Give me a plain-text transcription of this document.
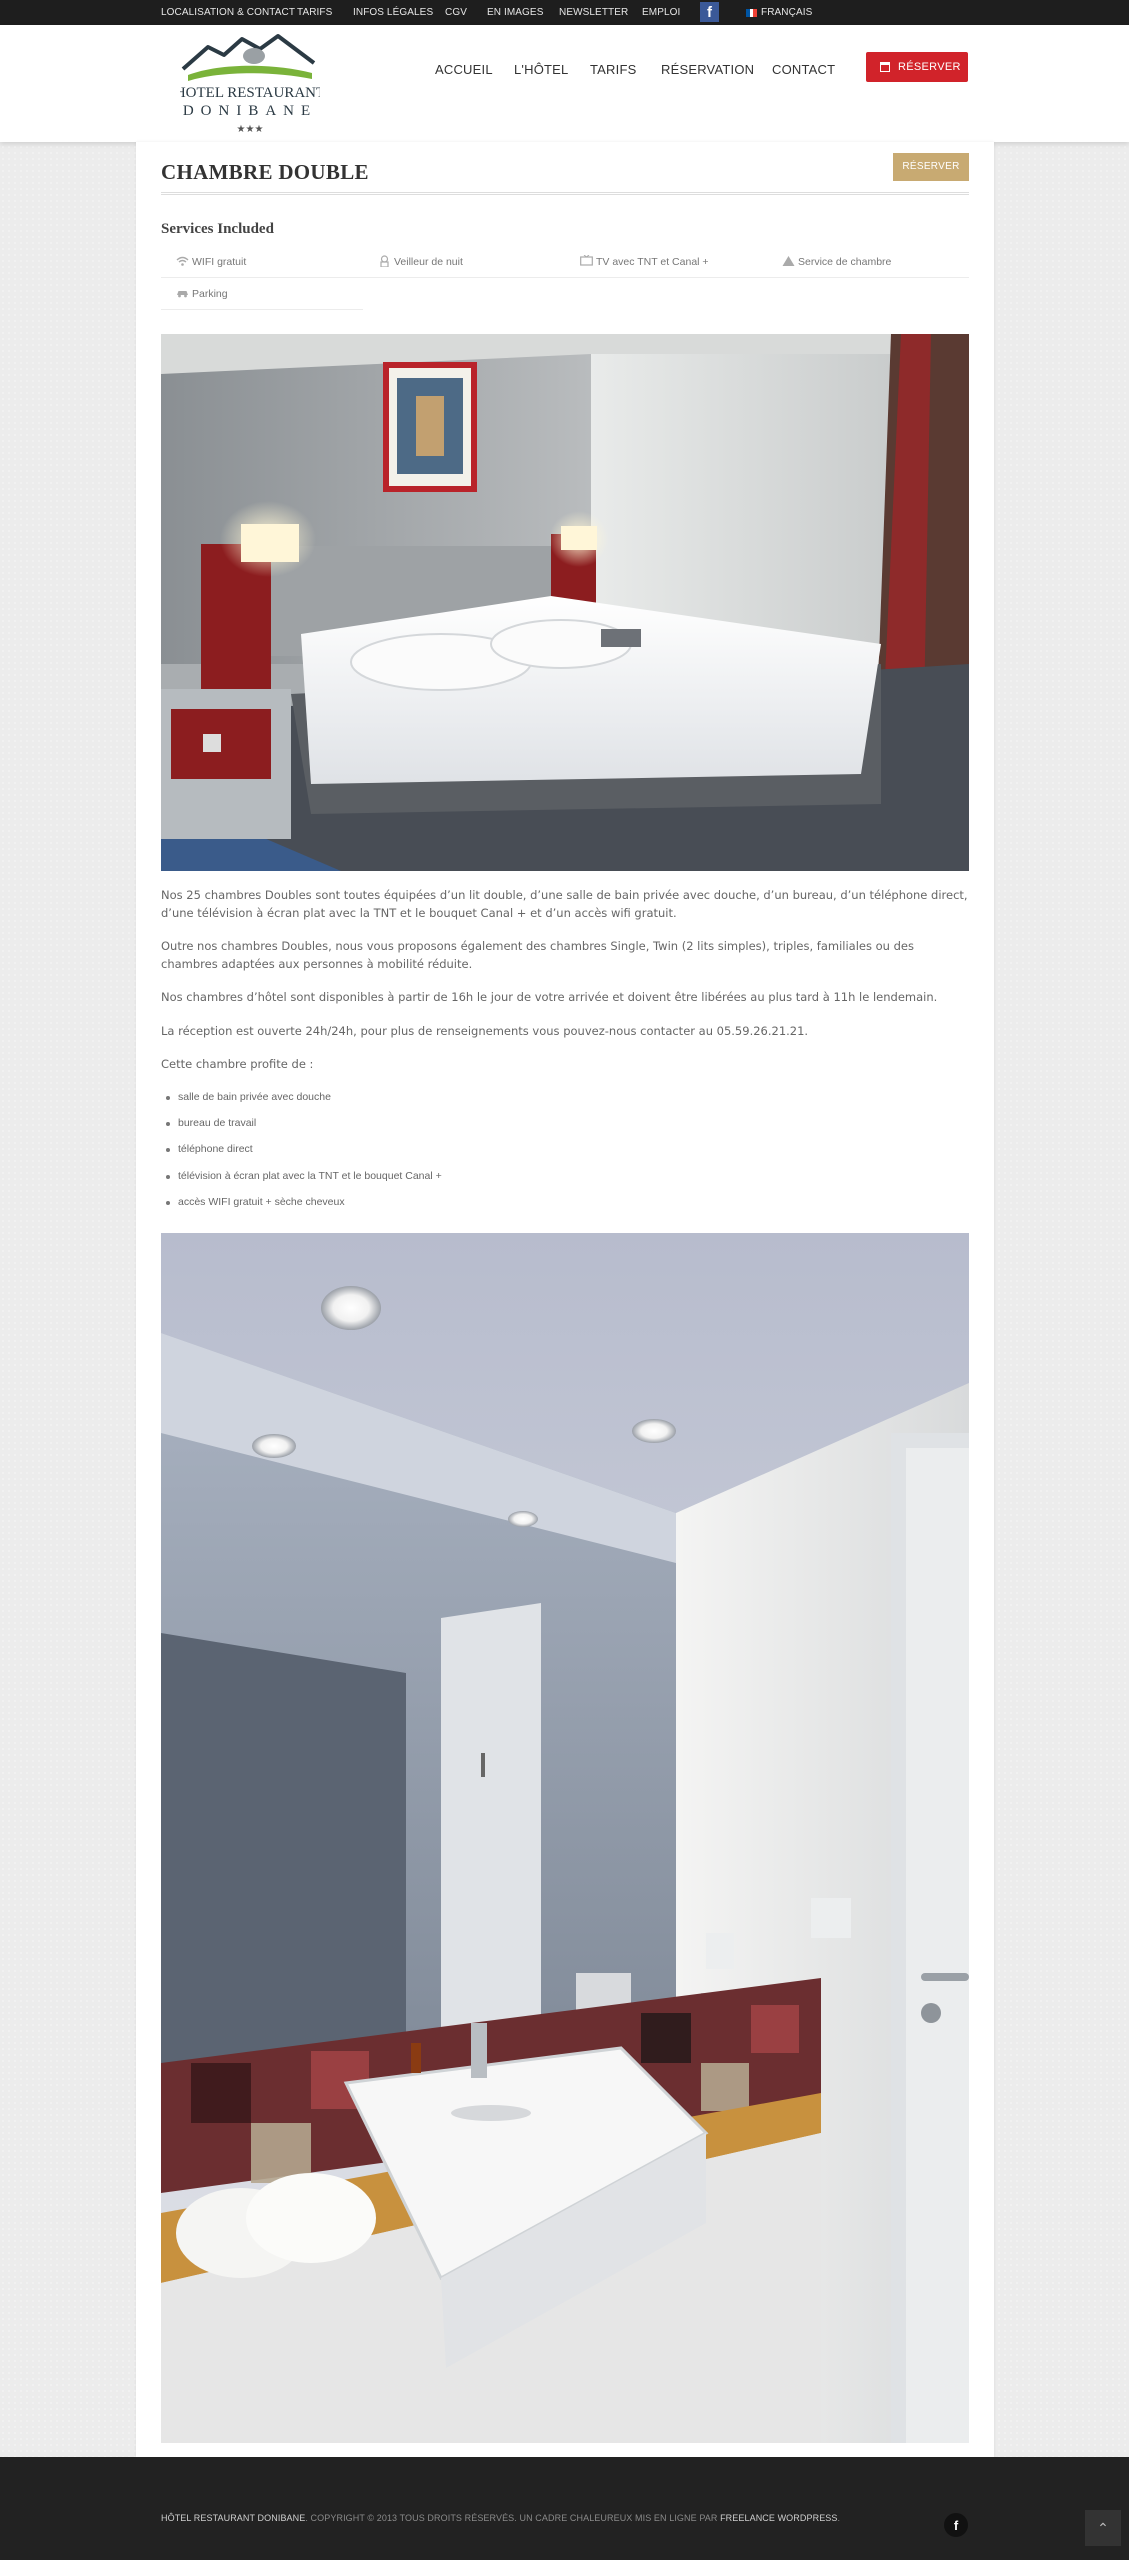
LOCALISATION & CONTACT TARIFS INFOS LÉGALES CGV EN IMAGES NEWSLETTER EMPLOI	f	FRANÇAIS
HOTEL RESTAURANT
DONIBANE
★★★
ACCUEIL L'HÔTEL TARIFS RÉSERVATION CONTACT	RÉSERVER
CHAMBRE DOUBLE	RÉSERVER
Services Included
WIFI gratuit	Veilleur de nuit	TV avec TNT et Canal +	Service de chambre
Parking

Nos 25 chambres Doubles sont toutes équipées d’un lit double, d’une salle de bain privée avec douche, d’un bureau, d’un téléphone direct, d’une télévision à écran plat avec la TNT et le bouquet Canal + et d’un accès wifi gratuit.

Outre nos chambres Doubles, nous vous proposons également des chambres Single, Twin (2 lits simples), triples, familiales ou des chambres adaptées aux personnes à mobilité réduite.

Nos chambres d’hôtel sont disponibles à partir de 16h le jour de votre arrivée et doivent être libérées au plus tard à 11h le lendemain.

La réception est ouverte 24h/24h, pour plus de renseignements vous pouvez-nous contacter au 05.59.26.21.21.

Cette chambre profite de :

salle de bain privée avec douche
bureau de travail
téléphone direct
télévision à écran plat avec la TNT et le bouquet Canal +
accès WIFI gratuit + sèche cheveux
HÔTEL RESTAURANT DONIBANE. COPYRIGHT © 2013 TOUS DROITS RÉSERVÉS. UN CADRE CHALEUREUX MIS EN LIGNE PAR FREELANCE WORDPRESS.	f	⌃
